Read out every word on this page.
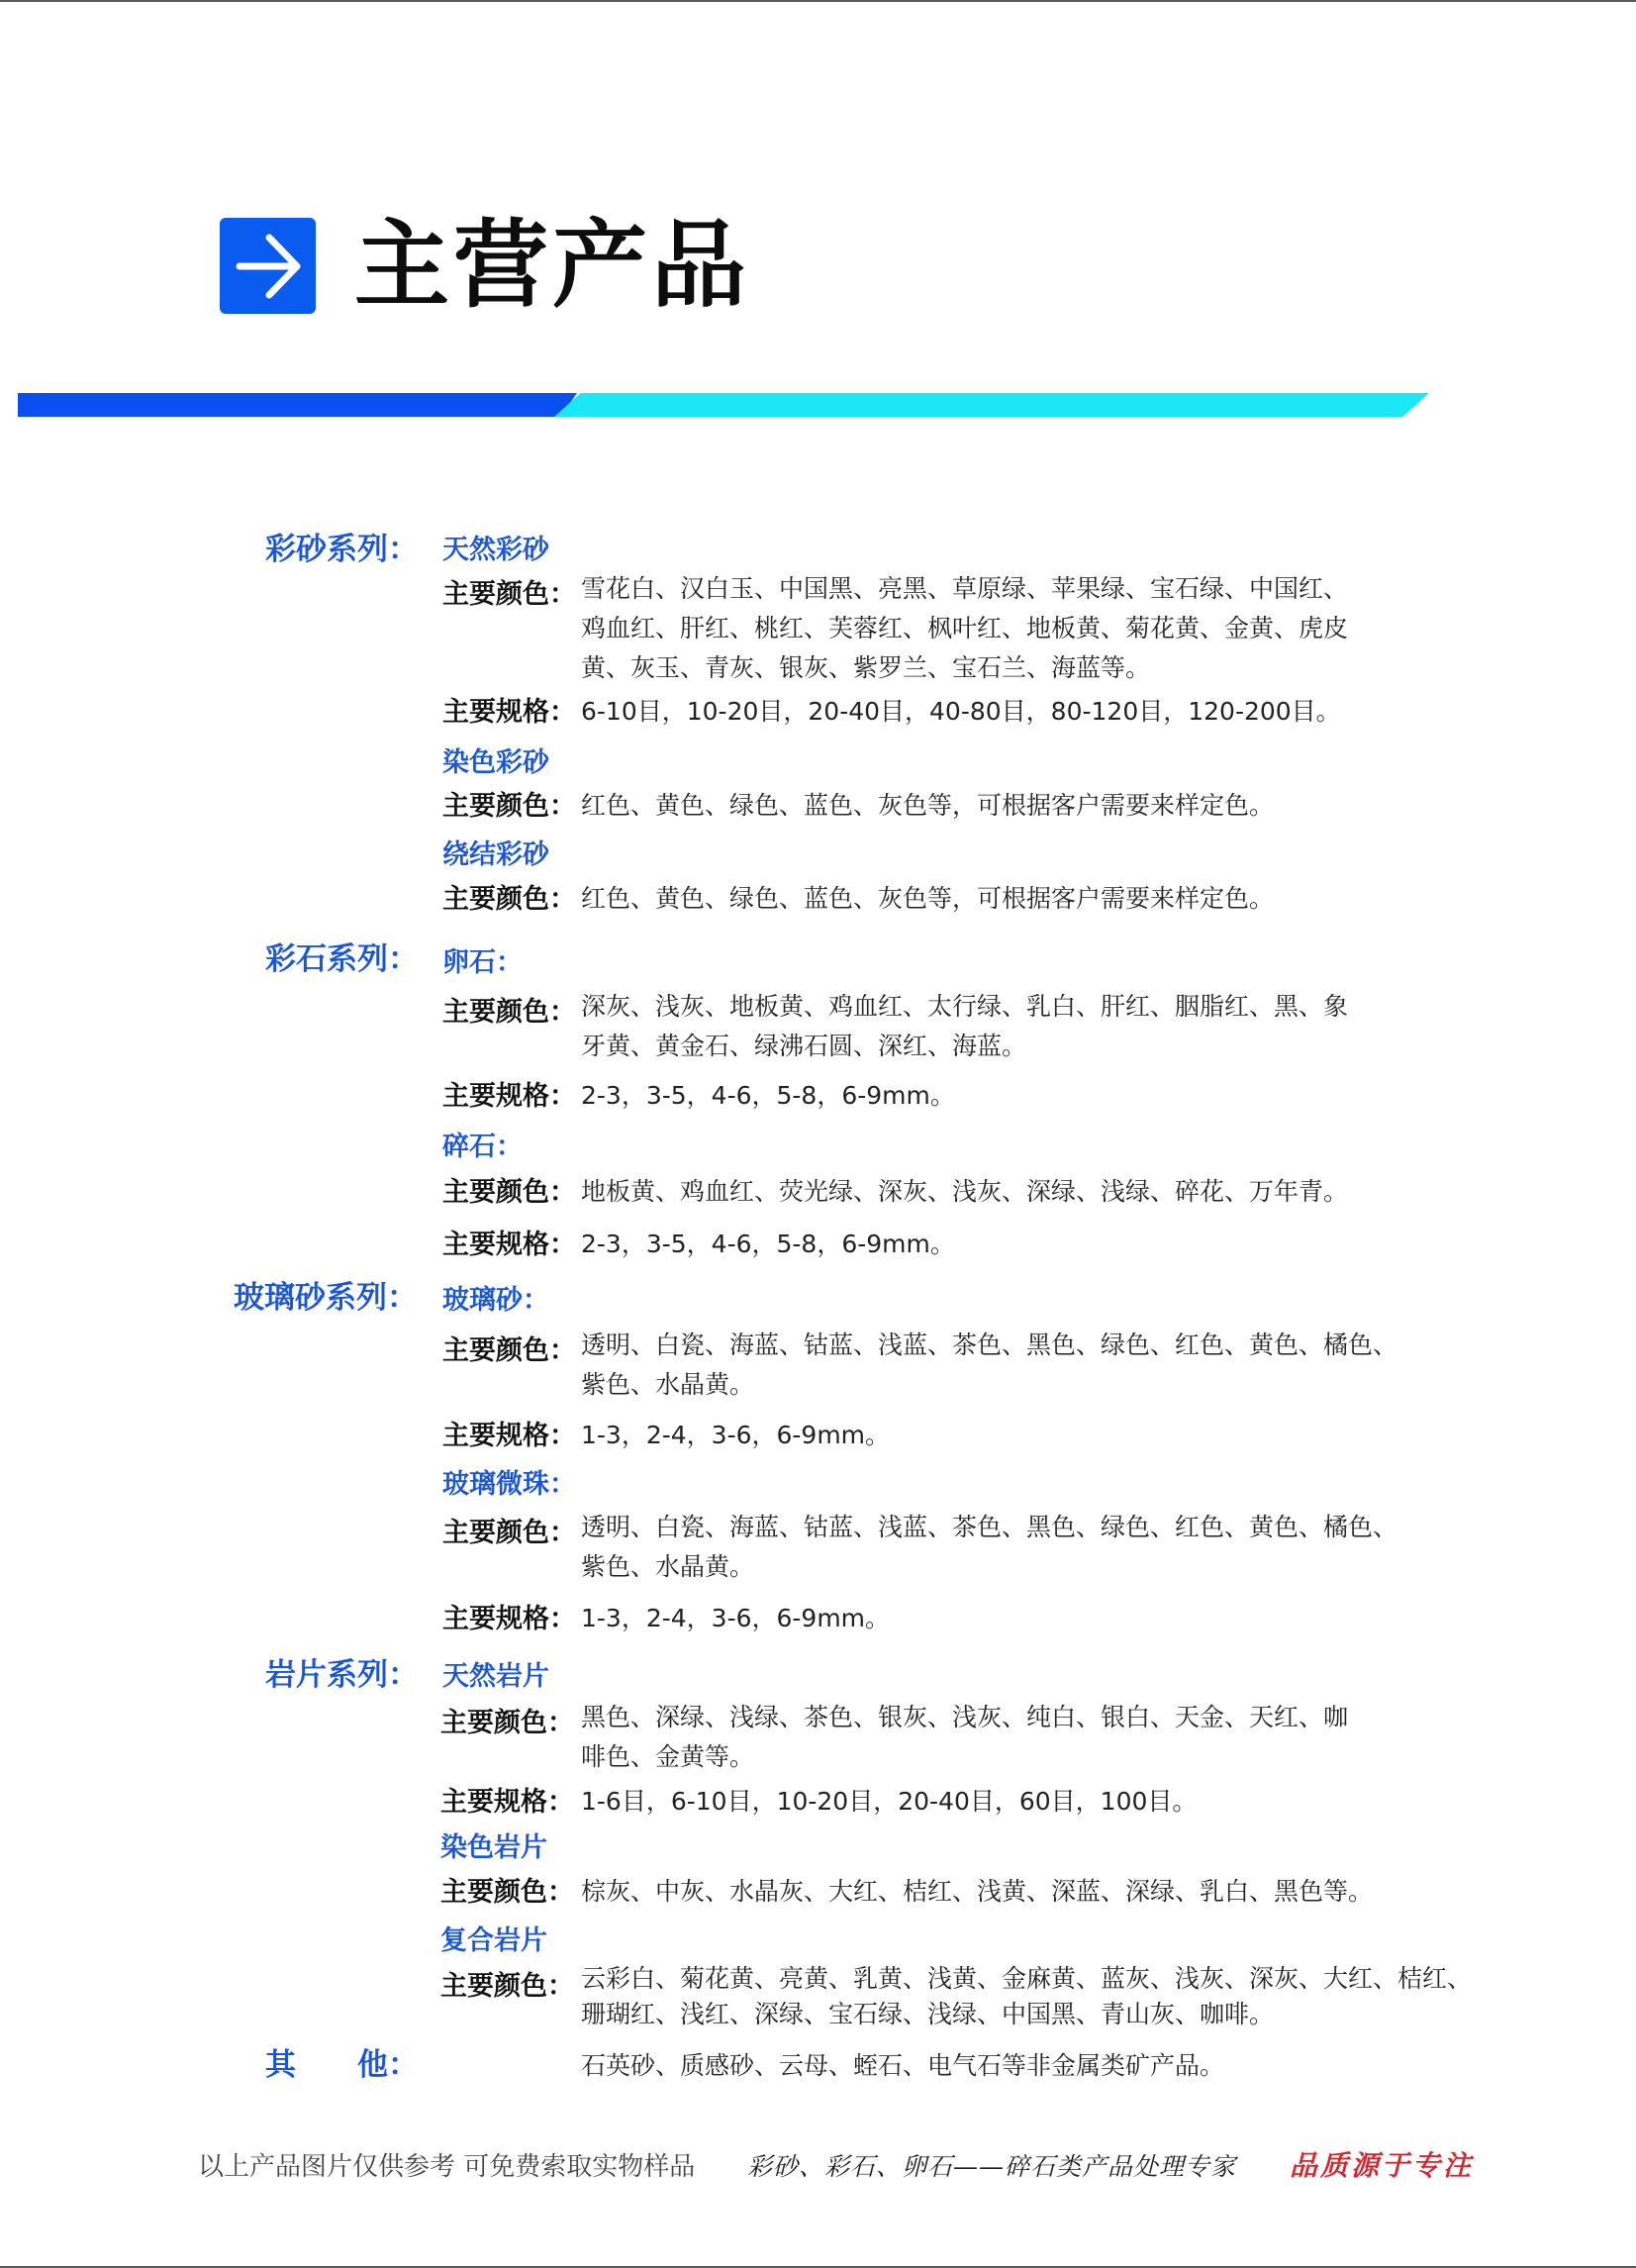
主营产品
彩砂系列： 天然彩砂
主要颜色： 雪花白、汉白玉、中国黑、亮黑、草原绿、苹果绿、宝石绿、中国红、
鸡血红、肝红、桃红、芙蓉红、枫叶红、地板黄、菊花黄、金黄、虎皮
黄、灰玉、青灰、银灰、紫罗兰、宝石兰、海蓝等。
主要规格： 6-10目，10-20目，20-40目，40-80目，80-120目，120-200目。
染色彩砂
主要颜色： 红色、黄色、绿色、蓝色、灰色等，可根据客户需要来样定色。
绕结彩砂
主要颜色： 红色、黄色、绿色、蓝色、灰色等，可根据客户需要来样定色。
彩石系列： 卵石：
主要颜色： 深灰、浅灰、地板黄、鸡血红、太行绿、乳白、肝红、胭脂红、黑、象
牙黄、黄金石、绿沸石圆、深红、海蓝。
主要规格： 2-3，3-5，4-6，5-8，6-9mm。
碎石：
主要颜色： 地板黄、鸡血红、荧光绿、深灰、浅灰、深绿、浅绿、碎花、万年青。
主要规格： 2-3，3-5，4-6，5-8，6-9mm。
玻璃砂系列： 玻璃砂：
主要颜色： 透明、白瓷、海蓝、钴蓝、浅蓝、茶色、黑色、绿色、红色、黄色、橘色、
紫色、水晶黄。
主要规格： 1-3，2-4，3-6，6-9mm。
玻璃微珠：
主要颜色： 透明、白瓷、海蓝、钴蓝、浅蓝、茶色、黑色、绿色、红色、黄色、橘色、
紫色、水晶黄。
主要规格： 1-3，2-4，3-6，6-9mm。
岩片系列： 天然岩片
主要颜色： 黑色、深绿、浅绿、茶色、银灰、浅灰、纯白、银白、天金、天红、咖
啡色、金黄等。
主要规格： 1-6目，6-10目，10-20目，20-40目，60目，100目。
染色岩片
主要颜色： 棕灰、中灰、水晶灰、大红、桔红、浅黄、深蓝、深绿、乳白、黑色等。
复合岩片
主要颜色： 云彩白、菊花黄、亮黄、乳黄、浅黄、金麻黄、蓝灰、浅灰、深灰、大红、桔红、
珊瑚红、浅红、深绿、宝石绿、浅绿、中国黑、青山灰、咖啡。
其　　他：	石英砂、质感砂、云母、蛭石、电气石等非金属类矿产品。
以上产品图片仅供参考 可免费索取实物样品 彩砂、彩石、卵石——碎石类产品处理专家 品质源于专注
